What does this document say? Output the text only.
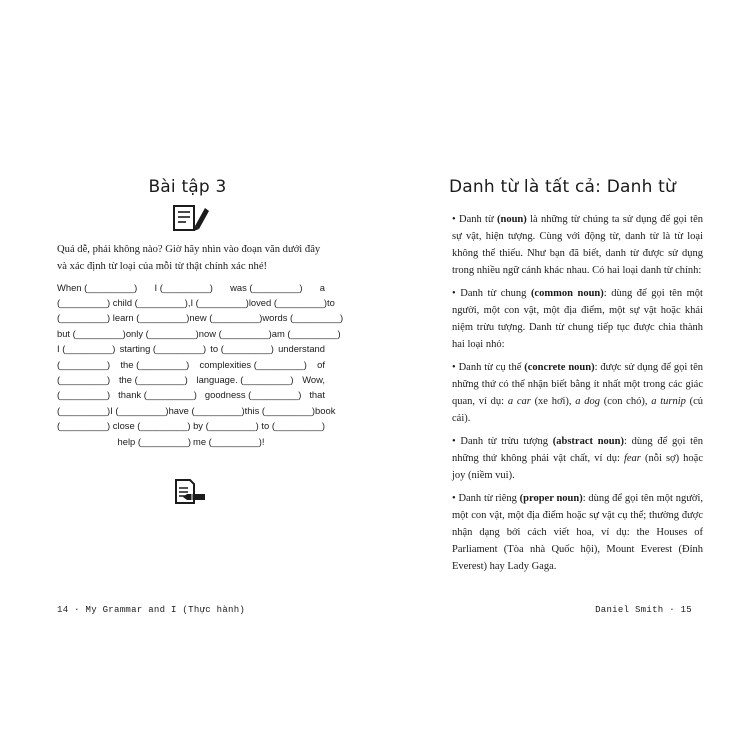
Bài tập 3
Quá dễ, phải không nào? Giờ hãy nhìn vào đoạn văn dưới đây và xác định từ loại của mỗi từ thật chính xác nhé!
When (_________) I (_________) was (_________) a
(_________) child (_________), I (_________) loved (_________) to
(_________) learn (_________) new (_________) words (_________)
but (_________) only (_________) now (_________) am (_________)
I (_________) starting (_________) to (_________) understand
(_________) the (_________) complexities (_________) of
(_________) the (_________) language. (_________) Wow,
(_________) thank (_________) goodness (_________) that
(_________) I (_________) have (_________) this (_________) book
(_________) close (_________) by (_________) to (_________)
help (_________) me (_________)!
14 · My Grammar and I (Thực hành)
Danh từ là tất cả: Danh từ

• Danh từ (noun) là những từ chúng ta sử dụng để gọi tên sự vật, hiện tượng. Cùng với động từ, danh từ là từ loại không thể thiếu. Như bạn đã biết, danh từ được sử dụng trong nhiều ngữ cảnh khác nhau. Có hai loại danh từ chính:

• Danh từ chung (common noun): dùng để gọi tên một người, một con vật, một địa điểm, một sự vật hoặc khái niệm trừu tượng. Danh từ chung tiếp tục được chia thành hai loại nhỏ:

• Danh từ cụ thể (concrete noun): được sử dụng để gọi tên những thứ có thể nhận biết bằng ít nhất một trong các giác quan, ví dụ: a car (xe hơi), a dog (con chó), a turnip (củ cải).

• Danh từ trừu tượng (abstract noun): dùng để gọi tên những thứ không phải vật chất, ví dụ: fear (nỗi sợ) hoặc joy (niềm vui).

• Danh từ riêng (proper noun): dùng để gọi tên một người, một con vật, một địa điểm hoặc sự vật cụ thể; thường được nhận dạng bởi cách viết hoa, ví dụ: the Houses of Parliament (Tòa nhà Quốc hội), Mount Everest (Đỉnh Everest) hay Lady Gaga.

Daniel Smith · 15
